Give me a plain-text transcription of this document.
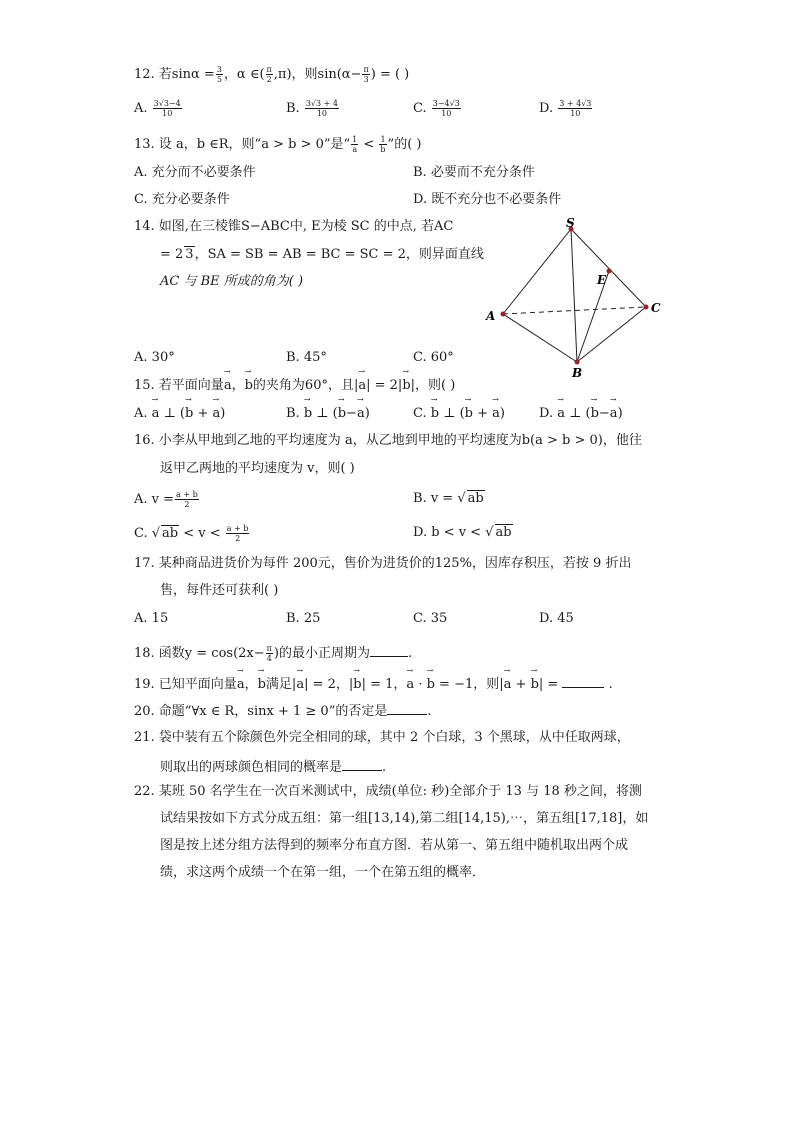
12. 若$\sin\alpha = \frac{3}{5}$ ，α ∈( $\frac{\pi}{2} ,\pi$)，则$\sin(\alpha- \frac{\pi}{3}$ ) = ( )
A. $\frac{3√3-4}{10}$	B. $\frac{3√3 + 4}{10}$	C. $\frac{3-4√3}{10}$	D. $\frac{3 + 4√3}{10}$
13. 设 a，b ∈R，则“a > b > 0”是“ $\frac{1}{a} < \frac{1}{b}$ ”的( )
A. 充分而不必要条件	B. 必要而不充分条件
C. 充分必要条件	D. 既不充分也不必要条件
14. 如图,在三棱锥S−ABC中, E为棱 SC 的中点, 若AC
= 2 3，SA = SB = AB = BC = SC = 2，则异面直线
AC 与 BE 所成的角为( )
S
E
A
B
C
A. 30°	B. 45°	C. 60°
15. 若平面向量→ a，→ b的夹角为60°，且|→ a| = 2|→ b|，则( )
A. → a ⊥ (→ b + → a)	B. → b ⊥ (→ b−→ a)	C. → b ⊥ (→ b + → a)	D. → a ⊥ (→ b−→ a)
16. 小李从甲地到乙地的平均速度为 a，从乙地到甲地的平均速度为b(a > b > 0)，他往
返甲乙两地的平均速度为 v，则( )
A. $v = \frac{a + b}{2}$	B. v = √ ab
C. √ ab < $v < \frac{a + b}{2}$	D. b < v < √ ab
17. 某种商品进货价为每件 200元，售价为进货价的125%，因库存积压，若按 9 折出
售，每件还可获利( )
A. 15	B. 25	C. 35	D. 45
18. 函数$y = \cos(2x- \frac{\pi}{4}$ )的最小正周期为	.
19. 已知平面向量→ a，→ b满足|→ a| = 2，|→ b| = 1，→ a · → b = −1，则|→ a + → b| =	.
20. 命题“∀x ∈ R，sinx + 1 ≥ 0”的否定是	.
21. 袋中装有五个除颜色外完全相同的球，其中 2 个白球，3 个黑球，从中任取两球，
则取出的两球颜色相同的概率是	.
22. 某班 50 名学生在一次百米测试中，成绩(单位: 秒)全部介于 13 与 18 秒之间，将测
试结果按如下方式分成五组：第一组[13,14),第二组[14,15),⋯，第五组[17,18]，如
图是按上述分组方法得到的频率分布直方图．若从第一、第五组中随机取出两个成
绩，求这两个成绩一个在第一组，一个在第五组的概率．
